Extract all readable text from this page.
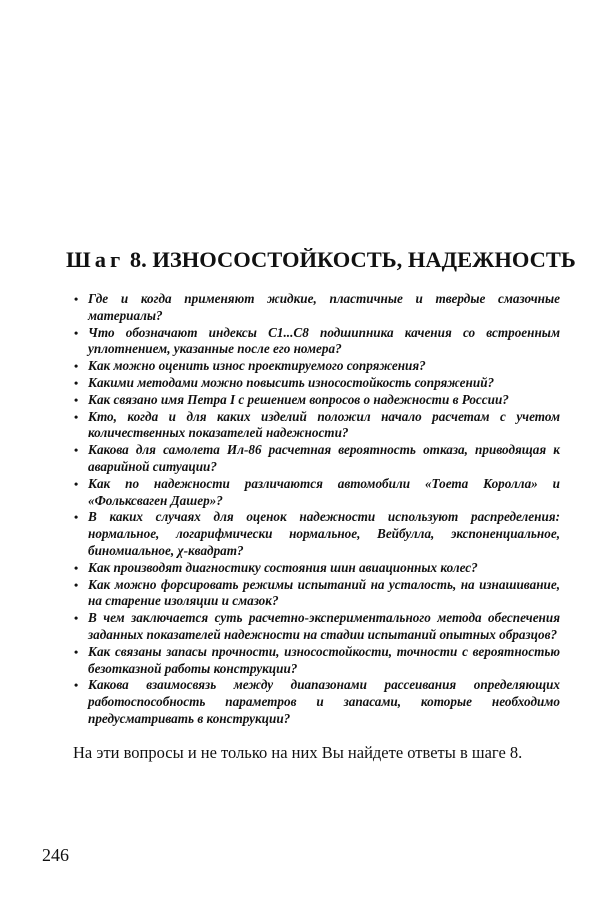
Шаг 8. ИЗНОСОСТОЙКОСТЬ, НАДЕЖНОСТЬ
• Где и когда применяют жидкие, пластичные и твердые смазочные материалы?
• Что обозначают индексы С1...С8 подшипника качения со встроенным уплотнением, указанные после его номера?
• Как можно оценить износ проектируемого сопряжения?
• Какими методами можно повысить износостойкость сопряжений?
• Как связано имя Петра I с решением вопросов о надежности в России?
• Кто, когда и для каких изделий положил начало расчетам с учетом количественных показателей надежности?
• Какова для самолета Ил-86 расчетная вероятность отказа, приводящая к аварийной ситуации?
• Как по надежности различаются автомобили «Тоета Королла» и «Фольксваген Дашер»?
• В каких случаях для оценок надежности используют распределения: нормальное, логарифмически нормальное, Вейбулла, экспоненциальное, биномиальное, χ-квадрат?
• Как производят диагностику состояния шин авиационных колес?
• Как можно форсировать режимы испытаний на усталость, на изнашивание, на старение изоляции и смазок?
• В чем заключается суть расчетно-экспериментального метода обеспечения заданных показателей надежности на стадии испытаний опытных образцов?
• Как связаны запасы прочности, износостойкости, точности с вероятностью безотказной работы конструкции?
• Какова взаимосвязь между диапазонами рассеивания определяющих работоспособность параметров и запасами, которые необходимо предусматривать в конструкции?

На эти вопросы и не только на них Вы найдете ответы в шаге 8.

246
